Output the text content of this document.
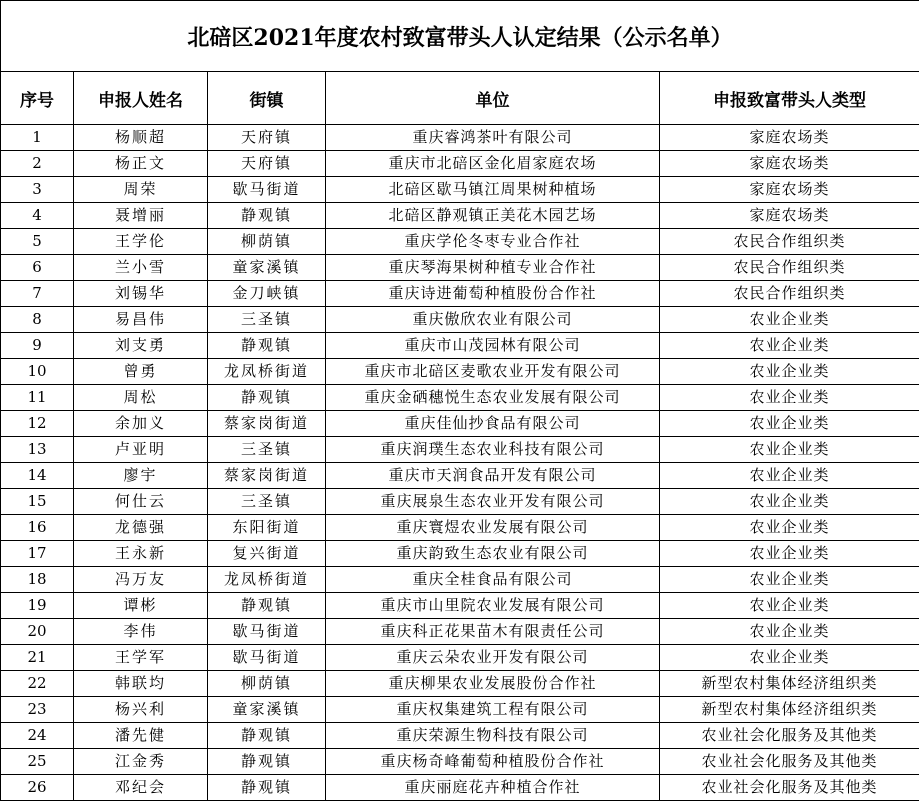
北碚区2021年度农村致富带头人认定结果（公示名单）				
序号	申报人姓名	街镇	单位	申报致富带头人类型
1	杨顺超	天府镇	重庆睿鸿茶叶有限公司	家庭农场类
2	杨正文	天府镇	重庆市北碚区金化眉家庭农场	家庭农场类
3	周荣	歇马街道	北碚区歇马镇江周果树种植场	家庭农场类
4	聂增丽	静观镇	北碚区静观镇正美花木园艺场	家庭农场类
5	王学伦	柳荫镇	重庆学伦冬枣专业合作社	农民合作组织类
6	兰小雪	童家溪镇	重庆琴海果树种植专业合作社	农民合作组织类
7	刘锡华	金刀峡镇	重庆诗进葡萄种植股份合作社	农民合作组织类
8	易昌伟	三圣镇	重庆傲欣农业有限公司	农业企业类
9	刘支勇	静观镇	重庆市山茂园林有限公司	农业企业类
10	曾勇	龙凤桥街道	重庆市北碚区麦歌农业开发有限公司	农业企业类
11	周松	静观镇	重庆金硒穗悦生态农业发展有限公司	农业企业类
12	余加义	蔡家岗街道	重庆佳仙抄食品有限公司	农业企业类
13	卢亚明	三圣镇	重庆润璞生态农业科技有限公司	农业企业类
14	廖宇	蔡家岗街道	重庆市天润食品开发有限公司	农业企业类
15	何仕云	三圣镇	重庆展泉生态农业开发有限公司	农业企业类
16	龙德强	东阳街道	重庆寰煜农业发展有限公司	农业企业类
17	王永新	复兴街道	重庆韵致生态农业有限公司	农业企业类
18	冯万友	龙凤桥街道	重庆全桂食品有限公司	农业企业类
19	谭彬	静观镇	重庆市山里院农业发展有限公司	农业企业类
20	李伟	歇马街道	重庆科正花果苗木有限责任公司	农业企业类
21	王学军	歇马街道	重庆云朵农业开发有限公司	农业企业类
22	韩联均	柳荫镇	重庆柳果农业发展股份合作社	新型农村集体经济组织类
23	杨兴利	童家溪镇	重庆权集建筑工程有限公司	新型农村集体经济组织类
24	潘先健	静观镇	重庆荣源生物科技有限公司	农业社会化服务及其他类
25	江金秀	静观镇	重庆杨奇峰葡萄种植股份合作社	农业社会化服务及其他类
26	邓纪会	静观镇	重庆丽庭花卉种植合作社	农业社会化服务及其他类
